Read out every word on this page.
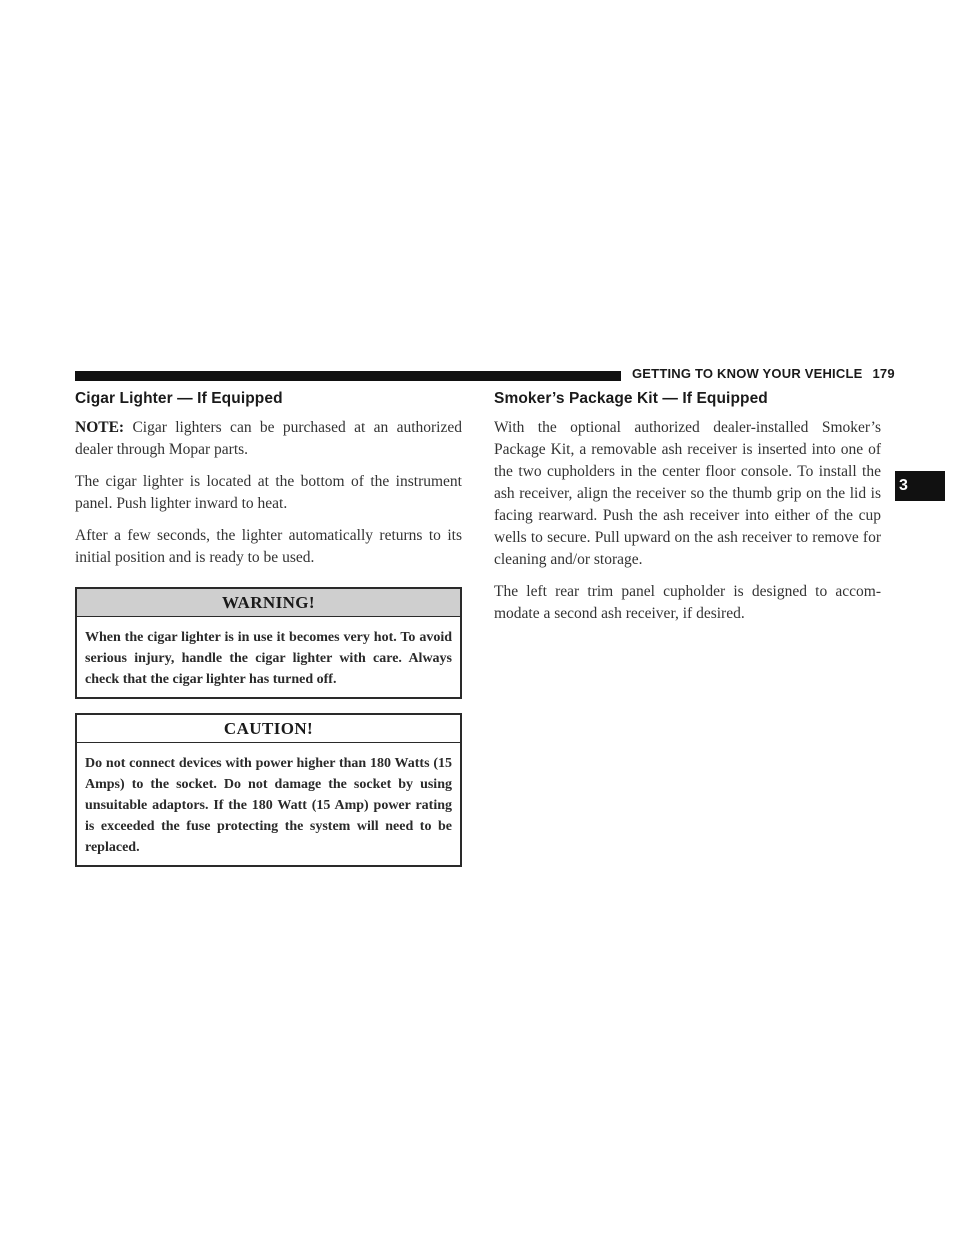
GETTING TO KNOW YOUR VEHICLE 179
3
Cigar Lighter — If Equipped

NOTE: Cigar lighters can be purchased at an authorized dealer through Mopar parts.

The cigar lighter is located at the bottom of the instrument panel. Push lighter inward to heat.

After a few seconds, the lighter automatically returns to its initial position and is ready to be used.

WARNING!
When the cigar lighter is in use it becomes very hot. To avoid serious injury, handle the cigar lighter with care. Always check that the cigar lighter has turned off.
CAUTION!
Do not connect devices with power higher than 180 Watts (15 Amps) to the socket. Do not damage the socket by using unsuitable adaptors. If the 180 Watt (15 Amp) power rating is exceeded the fuse protecting the system will need to be replaced.
Smoker’s Package Kit — If Equipped

With the optional authorized dealer-installed Smoker’s Package Kit, a removable ash receiver is inserted into one of the two cupholders in the center floor console. To install the ash receiver, align the receiver so the thumb grip on the lid is facing rearward. Push the ash receiver into either of the cup wells to secure. Pull upward on the ash receiver to remove for cleaning and/or storage.

The left rear trim panel cupholder is designed to accom-modate a second ash receiver, if desired.
